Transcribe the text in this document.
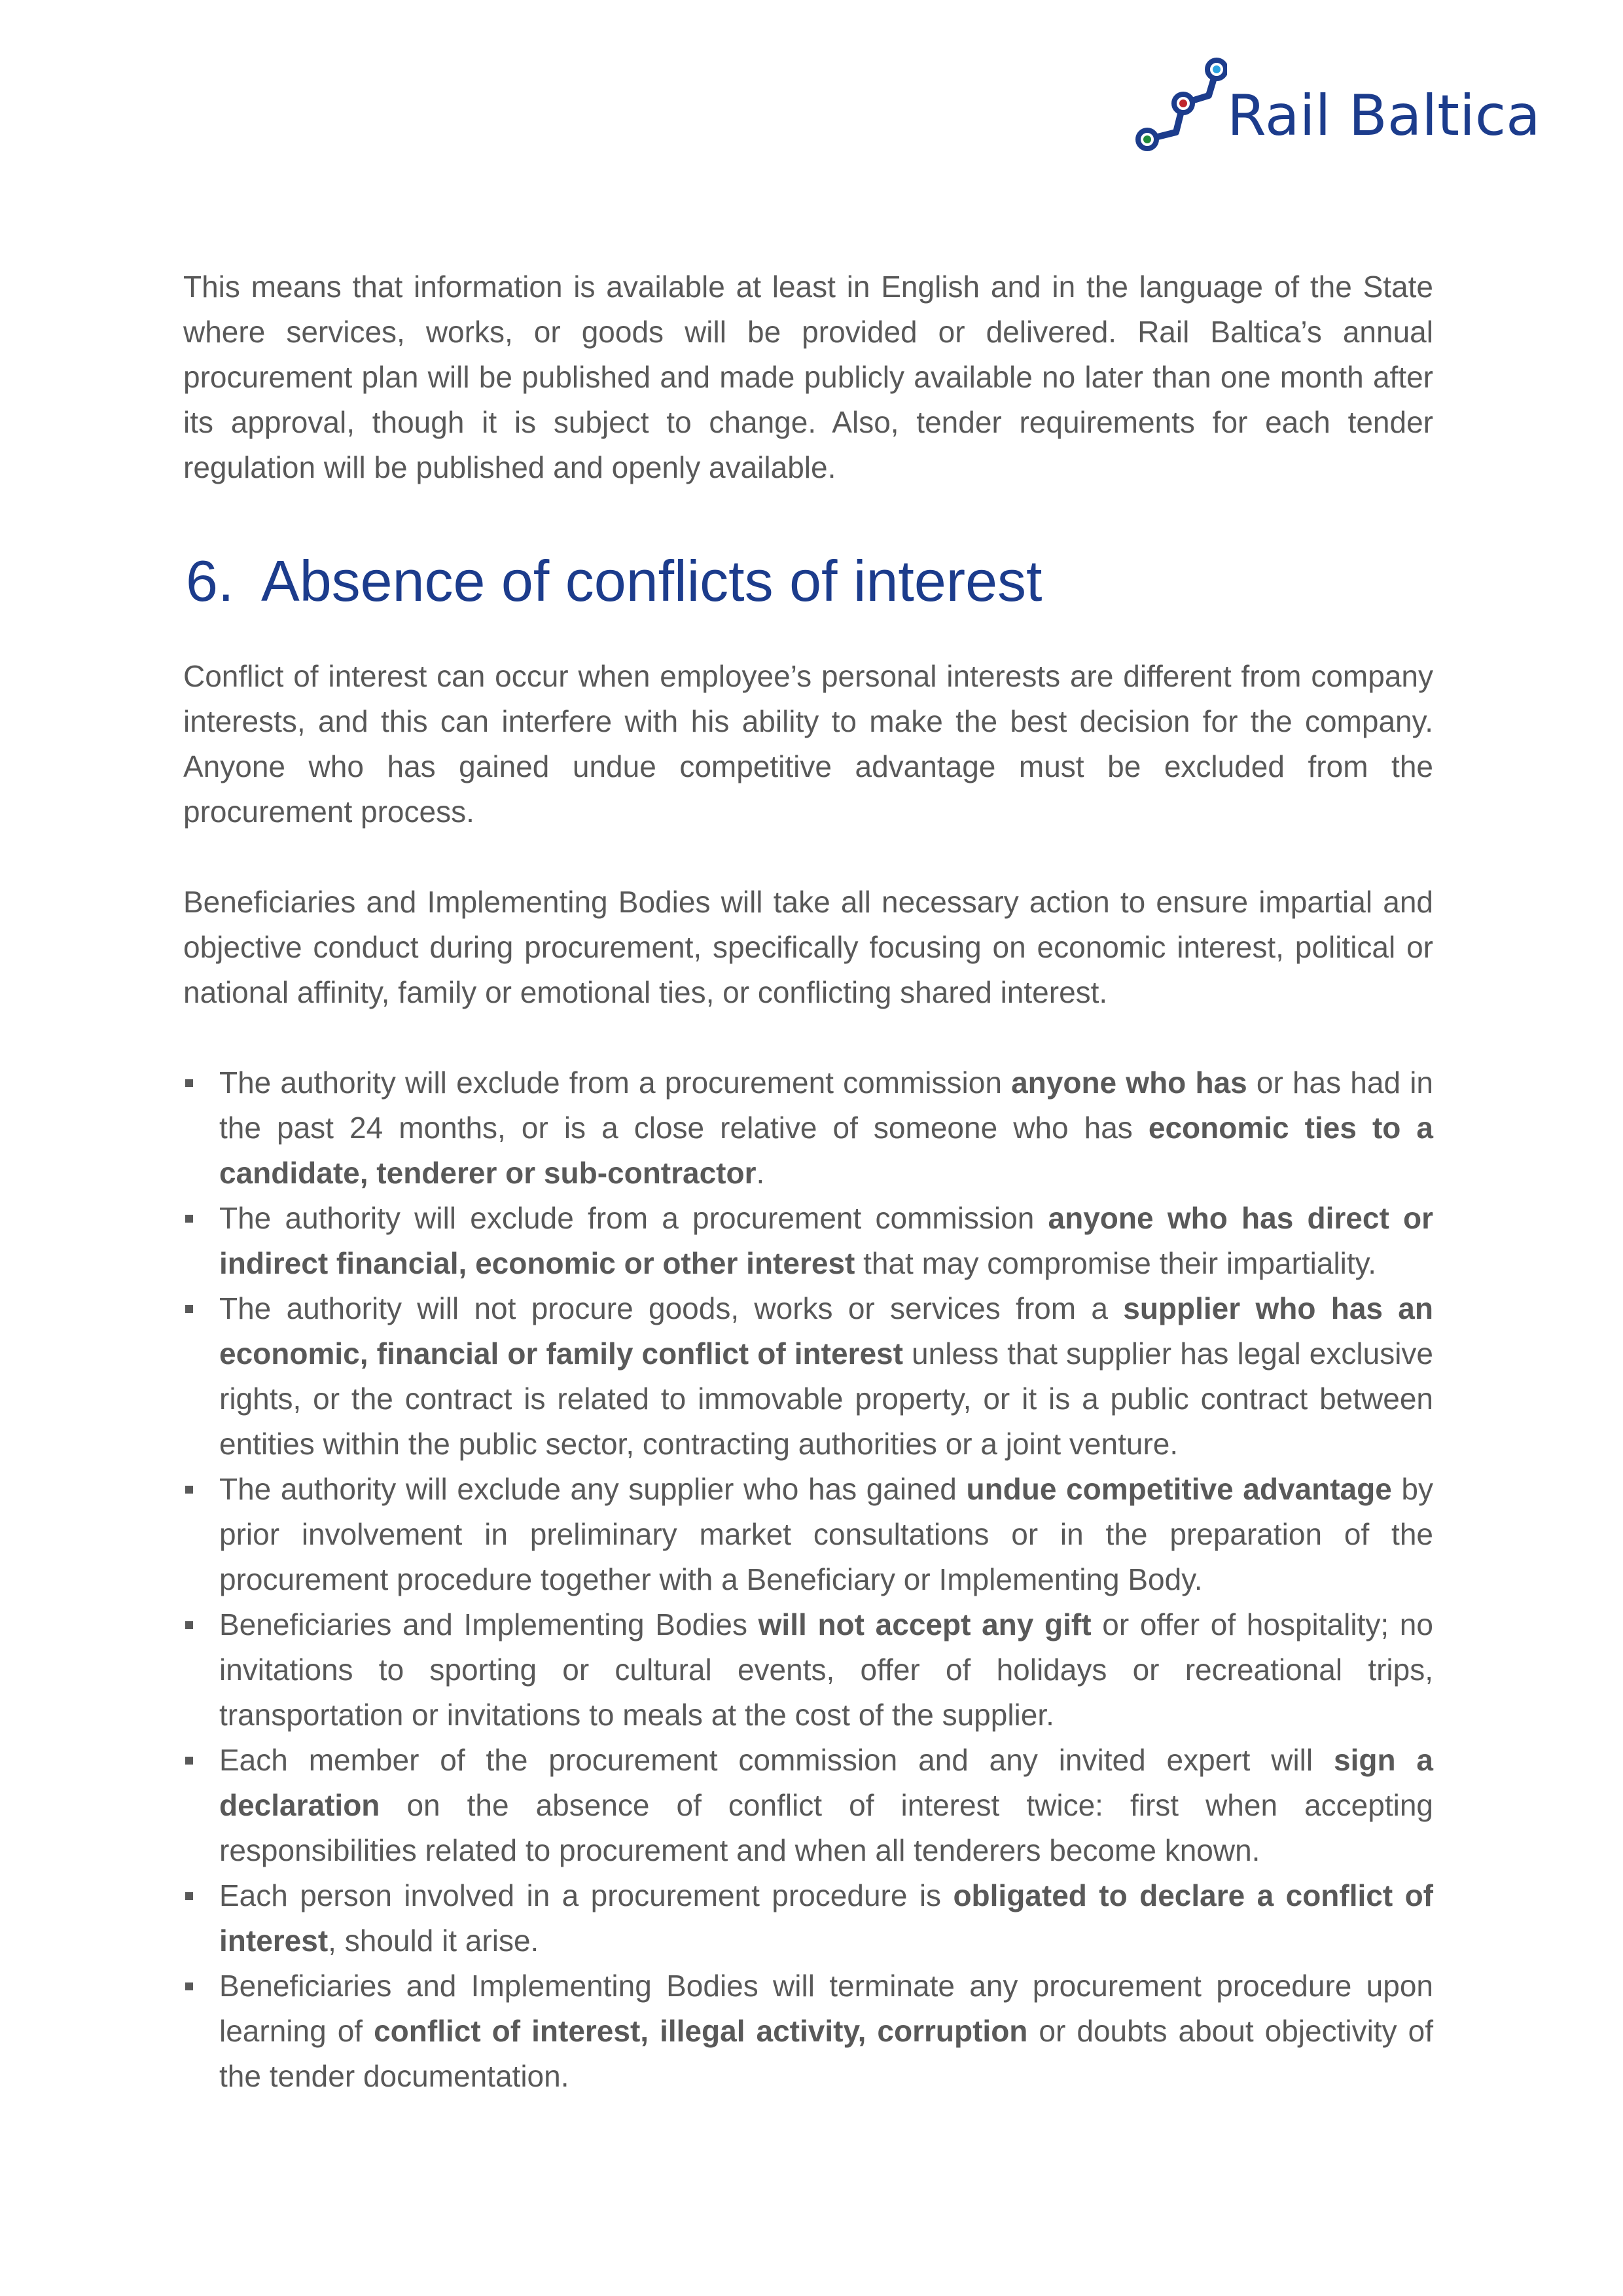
Rail Baltica

This means that information is available at least in English and in the language of the State where services, works, or goods will be provided or delivered. Rail Baltica’s annual procurement plan will be published and made publicly available no later than one month after its approval, though it is subject to change. Also, tender requirements for each tender regulation will be published and openly available.

6. Absence of conflicts of interest

Conflict of interest can occur when employee’s personal interests are different from company interests, and this can interfere with his ability to make the best decision for the company. Anyone who has gained undue competitive advantage must be excluded from the procurement process.

Beneficiaries and Implementing Bodies will take all necessary action to ensure impartial and objective conduct during procurement, specifically focusing on economic interest, political or national affinity, family or emotional ties, or conflicting shared interest.

The authority will exclude from a procurement commission anyone who has or has had in the past 24 months, or is a close relative of someone who has economic ties to a candidate, tenderer or sub-contractor.
The authority will exclude from a procurement commission anyone who has direct or indirect financial, economic or other interest that may compromise their impartiality.
The authority will not procure goods, works or services from a supplier who has an economic, financial or family conflict of interest unless that supplier has legal exclusive rights, or the contract is related to immovable property, or it is a public contract between entities within the public sector, contracting authorities or a joint venture.
The authority will exclude any supplier who has gained undue competitive advantage by prior involvement in preliminary market consultations or in the preparation of the procurement procedure together with a Beneficiary or Implementing Body.
Beneficiaries and Implementing Bodies will not accept any gift or offer of hospitality; no invitations to sporting or cultural events, offer of holidays or recreational trips, transportation or invitations to meals at the cost of the supplier.
Each member of the procurement commission and any invited expert will sign a declaration on the absence of conflict of interest twice: first when accepting responsibilities related to procurement and when all tenderers become known.
Each person involved in a procurement procedure is obligated to declare a conflict of interest, should it arise.
Beneficiaries and Implementing Bodies will terminate any procurement procedure upon learning of conflict of interest, illegal activity, corruption or doubts about objectivity of the tender documentation.
